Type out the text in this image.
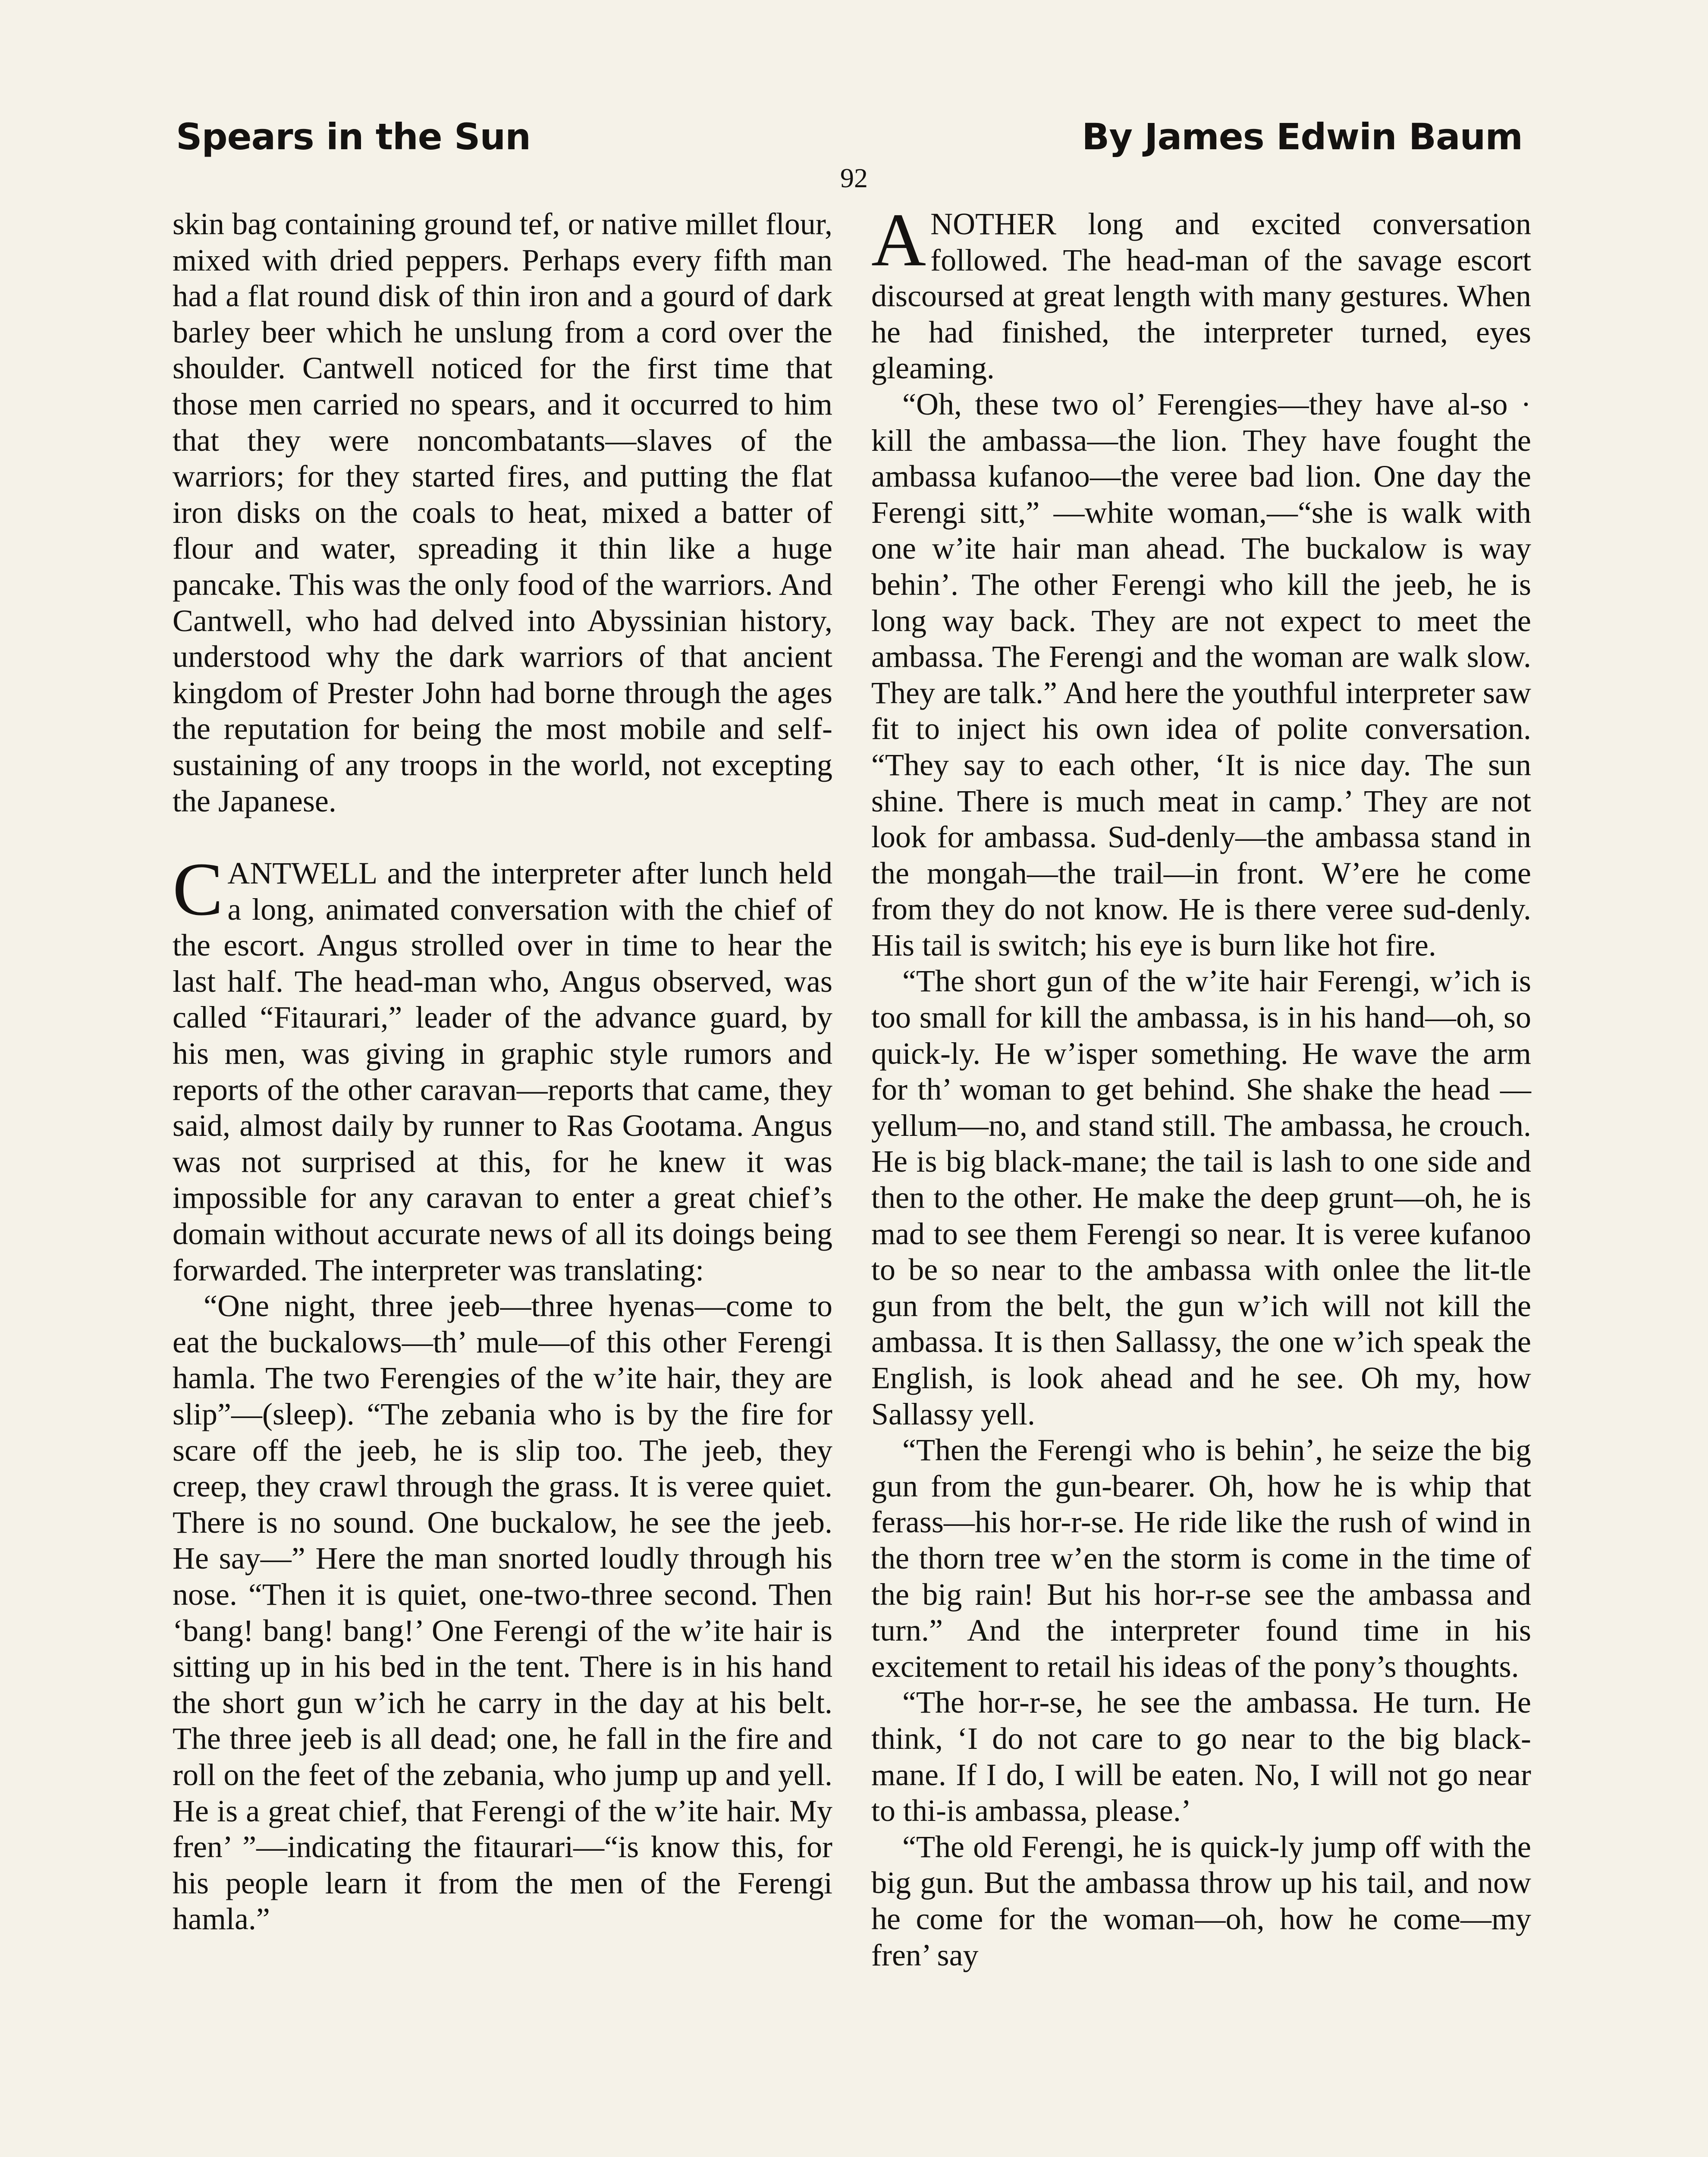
Spears in the Sun	By James Edwin Baum
92

skin bag containing ground tef, or native millet flour, mixed with dried peppers. Perhaps every fifth man had a flat round disk of thin iron and a gourd of dark barley beer which he unslung from a cord over the shoulder. Cantwell noticed for the first time that those men carried no spears, and it occurred to him that they were noncombatants—slaves of the warriors; for they started fires, and putting the flat iron disks on the coals to heat, mixed a batter of flour and water, spreading it thin like a huge pancake. This was the only food of the warriors. And Cantwell, who had delved into Abyssinian history, understood why the dark warriors of that ancient kingdom of Prester John had borne through the ages the reputation for being the most mobile and self-sustaining of any troops in the world, not excepting the Japanese.

CANTWELL and the interpreter after lunch held a long, animated conversation with the chief of the escort. Angus strolled over in time to hear the last half. The head-man who, Angus observed, was called “Fitaurari,” leader of the advance guard, by his men, was giving in graphic style rumors and reports of the other caravan—reports that came, they said, almost daily by runner to Ras Gootama. Angus was not surprised at this, for he knew it was impossible for any caravan to enter a great chief’s domain without accurate news of all its doings being forwarded. The interpreter was translating:

“One night, three jeeb—three hyenas—come to eat the buckalows—th’ mule—of this other Ferengi hamla. The two Ferengies of the w’ite hair, they are slip”—(sleep). “The zebania who is by the fire for scare off the jeeb, he is slip too. The jeeb, they creep, they crawl through the grass. It is veree quiet. There is no sound. One buckalow, he see the jeeb. He say—” Here the man snorted loudly through his nose. “Then it is quiet, one-two-three second. Then ‘bang! bang! bang!’ One Ferengi of the w’ite hair is sitting up in his bed in the tent. There is in his hand the short gun w’ich he carry in the day at his belt. The three jeeb is all dead; one, he fall in the fire and roll on the feet of the zebania, who jump up and yell. He is a great chief, that Ferengi of the w’ite hair. My fren’ ”—indicating the fitaurari—“is know this, for his people learn it from the men of the Ferengi hamla.”

ANOTHER long and excited conversation followed. The head-man of the savage escort discoursed at great length with many gestures. When he had finished, the interpreter turned, eyes gleaming.

“Oh, these two ol’ Ferengies—they have al-so · kill the ambassa—the lion. They have fought the ambassa kufanoo—the veree bad lion. One day the Ferengi sitt,” —white woman,—“she is walk with one w’ite hair man ahead. The buckalow is way behin’. The other Ferengi who kill the jeeb, he is long way back. They are not expect to meet the ambassa. The Ferengi and the woman are walk slow. They are talk.” And here the youthful interpreter saw fit to inject his own idea of polite conversation. “They say to each other, ‘It is nice day. The sun shine. There is much meat in camp.’ They are not look for ambassa. Sud-denly—the ambassa stand in the mongah—the trail—in front. W’ere he come from they do not know. He is there veree sud-denly. His tail is switch; his eye is burn like hot fire.

“The short gun of the w’ite hair Ferengi, w’ich is too small for kill the ambassa, is in his hand—oh, so quick-ly. He w’isper something. He wave the arm for th’ woman to get behind. She shake the head —yellum—no, and stand still. The ambassa, he crouch. He is big black-mane; the tail is lash to one side and then to the other. He make the deep grunt—oh, he is mad to see them Ferengi so near. It is veree kufanoo to be so near to the ambassa with onlee the lit-tle gun from the belt, the gun w’ich will not kill the ambassa. It is then Sallassy, the one w’ich speak the English, is look ahead and he see. Oh my, how Sallassy yell.

“Then the Ferengi who is behin’, he seize the big gun from the gun-bearer. Oh, how he is whip that ferass—his hor-r-se. He ride like the rush of wind in the thorn tree w’en the storm is come in the time of the big rain! But his hor-r-se see the ambassa and turn.” And the interpreter found time in his excitement to retail his ideas of the pony’s thoughts.

“The hor-r-se, he see the ambassa. He turn. He think, ‘I do not care to go near to the big black-mane. If I do, I will be eaten. No, I will not go near to thi-is ambassa, please.’

“The old Ferengi, he is quick-ly jump off with the big gun. But the ambassa throw up his tail, and now he come for the woman—oh, how he come—my fren’ say
